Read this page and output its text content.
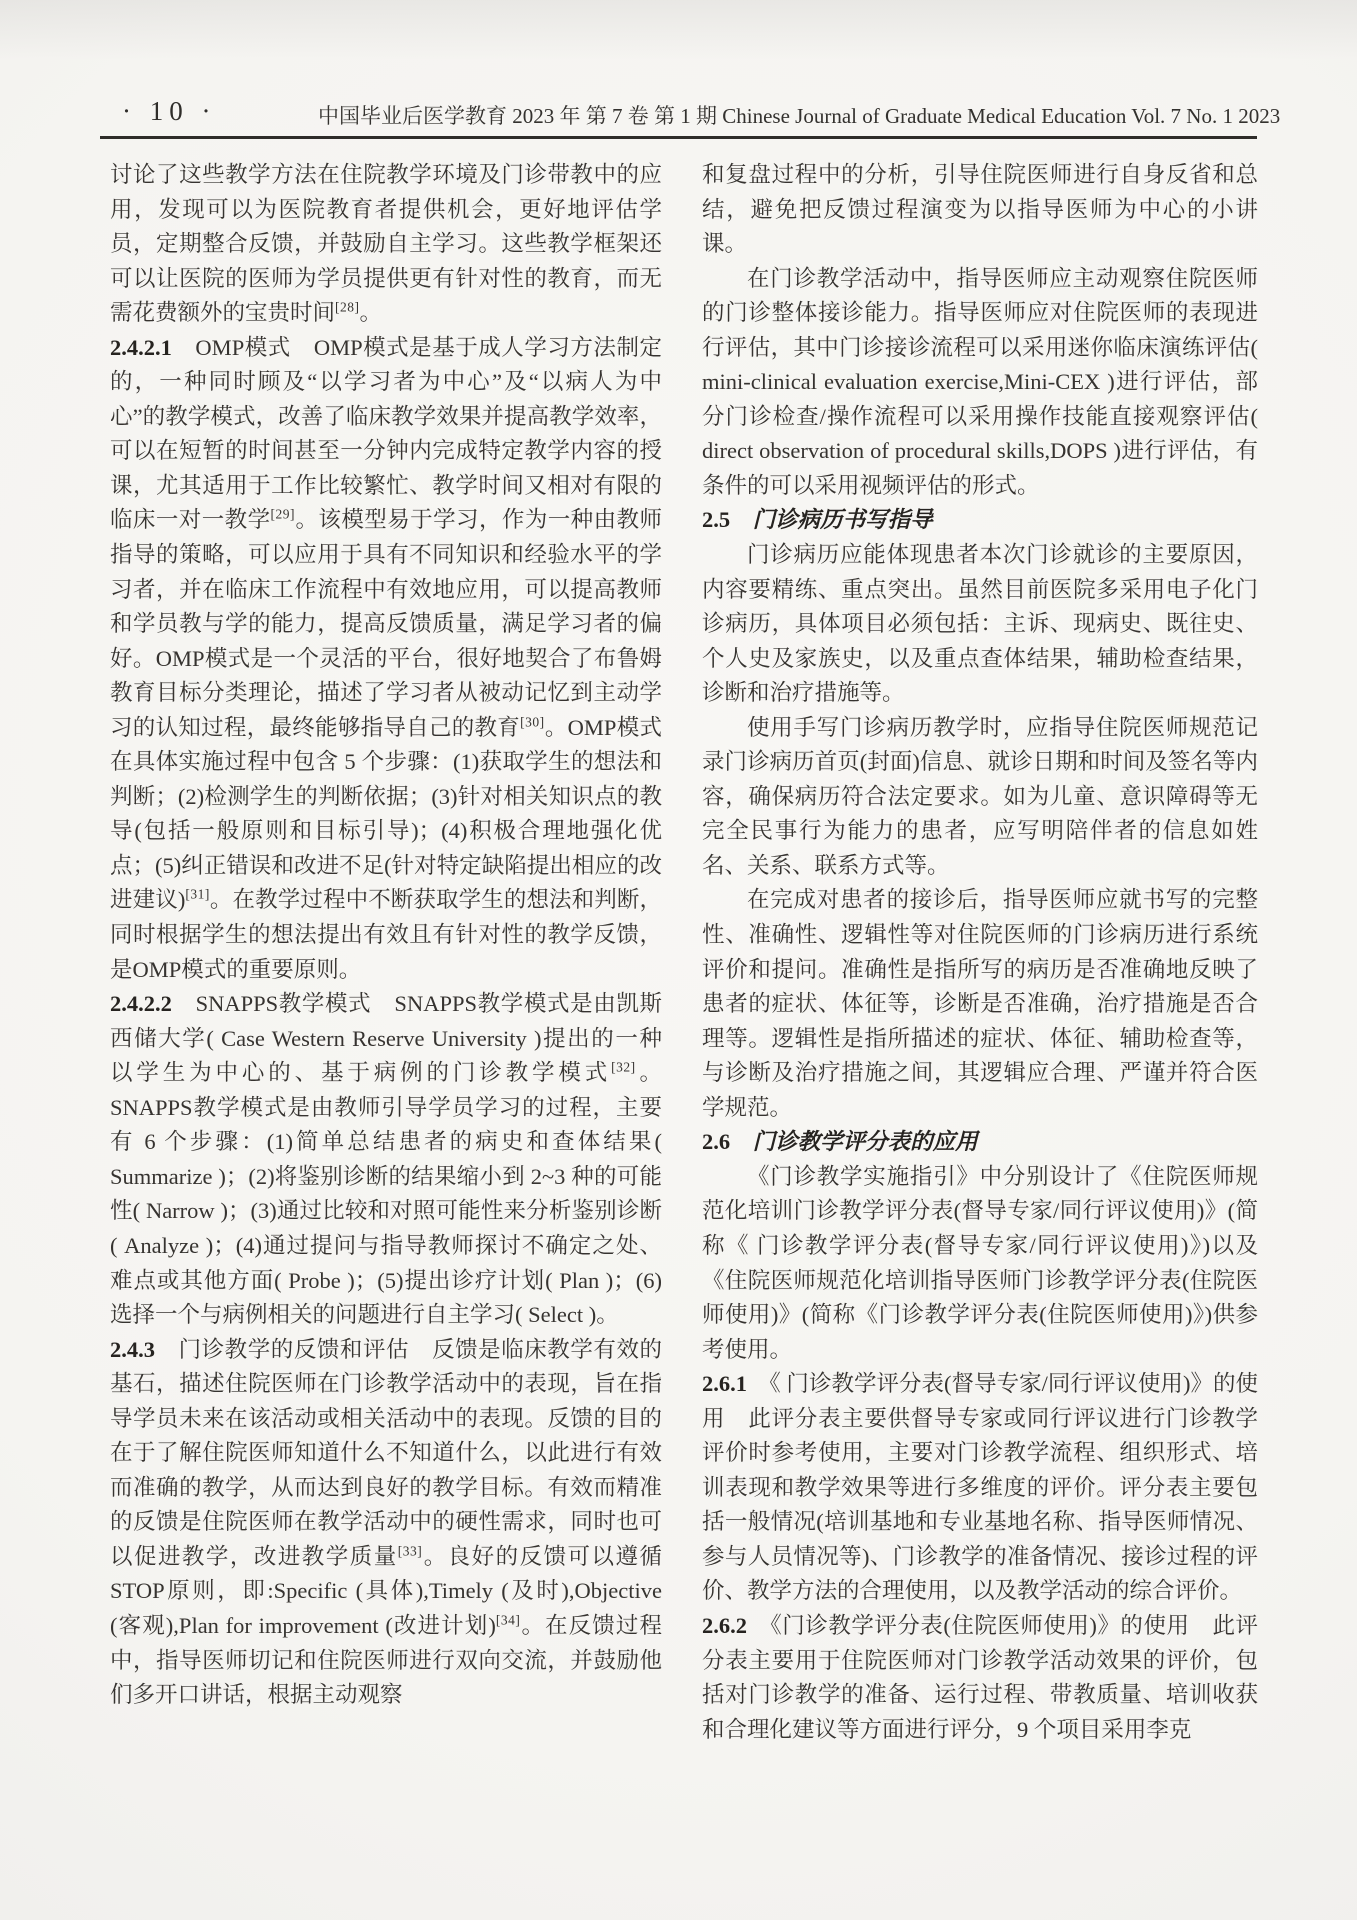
· 10 ·	中国毕业后医学教育 2023 年 第 7 卷 第 1 期 Chinese Journal of Graduate Medical Education Vol. 7 No. 1 2023

讨论了这些教学方法在住院教学环境及门诊带教中的应用，发现可以为医院教育者提供机会，更好地评估学员，定期整合反馈，并鼓励自主学习。这些教学框架还可以让医院的医师为学员提供更有针对性的教育，而无需花费额外的宝贵时间[28]。

2.4.2.1　OMP模式　OMP模式是基于成人学习方法制定的，一种同时顾及“以学习者为中心”及“以病人为中心”的教学模式，改善了临床教学效果并提高教学效率，可以在短暂的时间甚至一分钟内完成特定教学内容的授课，尤其适用于工作比较繁忙、教学时间又相对有限的临床一对一教学[29]。该模型易于学习，作为一种由教师指导的策略，可以应用于具有不同知识和经验水平的学习者，并在临床工作流程中有效地应用，可以提高教师和学员教与学的能力，提高反馈质量，满足学习者的偏好。OMP模式是一个灵活的平台，很好地契合了布鲁姆教育目标分类理论，描述了学习者从被动记忆到主动学习的认知过程，最终能够指导自己的教育[30]。OMP模式在具体实施过程中包含 5 个步骤：(1)获取学生的想法和判断；(2)检测学生的判断依据；(3)针对相关知识点的教导(包括一般原则和目标引导)；(4)积极合理地强化优点；(5)纠正错误和改进不足(针对特定缺陷提出相应的改进建议)[31]。在教学过程中不断获取学生的想法和判断，同时根据学生的想法提出有效且有针对性的教学反馈，是OMP模式的重要原则。

2.4.2.2　SNAPPS教学模式　SNAPPS教学模式是由凯斯西储大学( Case Western Reserve University )提出的一种以学生为中心的、基于病例的门诊教学模式[32]。SNAPPS教学模式是由教师引导学员学习的过程，主要有 6 个步骤：(1)简单总结患者的病史和查体结果( Summarize )；(2)将鉴别诊断的结果缩小到 2~3 种的可能性( Narrow )；(3)通过比较和对照可能性来分析鉴别诊断( Analyze )；(4)通过提问与指导教师探讨不确定之处、难点或其他方面( Probe )；(5)提出诊疗计划( Plan )；(6)选择一个与病例相关的问题进行自主学习( Select )。

2.4.3　门诊教学的反馈和评估　反馈是临床教学有效的基石，描述住院医师在门诊教学活动中的表现，旨在指导学员未来在该活动或相关活动中的表现。反馈的目的在于了解住院医师知道什么不知道什么，以此进行有效而准确的教学，从而达到良好的教学目标。有效而精准的反馈是住院医师在教学活动中的硬性需求，同时也可以促进教学，改进教学质量[33]。良好的反馈可以遵循STOP原则，即:Specific (具体),Timely (及时),Objective (客观),Plan for improvement (改进计划)[34]。在反馈过程中，指导医师切记和住院医师进行双向交流，并鼓励他们多开口讲话，根据主动观察

和复盘过程中的分析，引导住院医师进行自身反省和总结，避免把反馈过程演变为以指导医师为中心的小讲课。

在门诊教学活动中，指导医师应主动观察住院医师的门诊整体接诊能力。指导医师应对住院医师的表现进行评估，其中门诊接诊流程可以采用迷你临床演练评估( mini-clinical evaluation exercise,Mini-CEX )进行评估，部分门诊检查/操作流程可以采用操作技能直接观察评估( direct observation of procedural skills,DOPS )进行评估，有条件的可以采用视频评估的形式。

2.5　门诊病历书写指导

门诊病历应能体现患者本次门诊就诊的主要原因，内容要精练、重点突出。虽然目前医院多采用电子化门诊病历，具体项目必须包括：主诉、现病史、既往史、个人史及家族史，以及重点查体结果，辅助检查结果，诊断和治疗措施等。

使用手写门诊病历教学时，应指导住院医师规范记录门诊病历首页(封面)信息、就诊日期和时间及签名等内容，确保病历符合法定要求。如为儿童、意识障碍等无完全民事行为能力的患者，应写明陪伴者的信息如姓名、关系、联系方式等。

在完成对患者的接诊后，指导医师应就书写的完整性、准确性、逻辑性等对住院医师的门诊病历进行系统评价和提问。准确性是指所写的病历是否准确地反映了患者的症状、体征等，诊断是否准确，治疗措施是否合理等。逻辑性是指所描述的症状、体征、辅助检查等，与诊断及治疗措施之间，其逻辑应合理、严谨并符合医学规范。

2.6　门诊教学评分表的应用

《门诊教学实施指引》中分别设计了《住院医师规范化培训门诊教学评分表(督导专家/同行评议使用)》(简称《 门诊教学评分表(督导专家/同行评议使用)》)以及《住院医师规范化培训指导医师门诊教学评分表(住院医师使用)》(简称《门诊教学评分表(住院医师使用)》)供参考使用。

2.6.1　《 门诊教学评分表(督导专家/同行评议使用)》的使用　此评分表主要供督导专家或同行评议进行门诊教学评价时参考使用，主要对门诊教学流程、组织形式、培训表现和教学效果等进行多维度的评价。评分表主要包括一般情况(培训基地和专业基地名称、指导医师情况、参与人员情况等)、门诊教学的准备情况、接诊过程的评价、教学方法的合理使用，以及教学活动的综合评价。

2.6.2　《门诊教学评分表(住院医师使用)》的使用　此评分表主要用于住院医师对门诊教学活动效果的评价，包括对门诊教学的准备、运行过程、带教质量、培训收获和合理化建议等方面进行评分，9 个项目采用李克
